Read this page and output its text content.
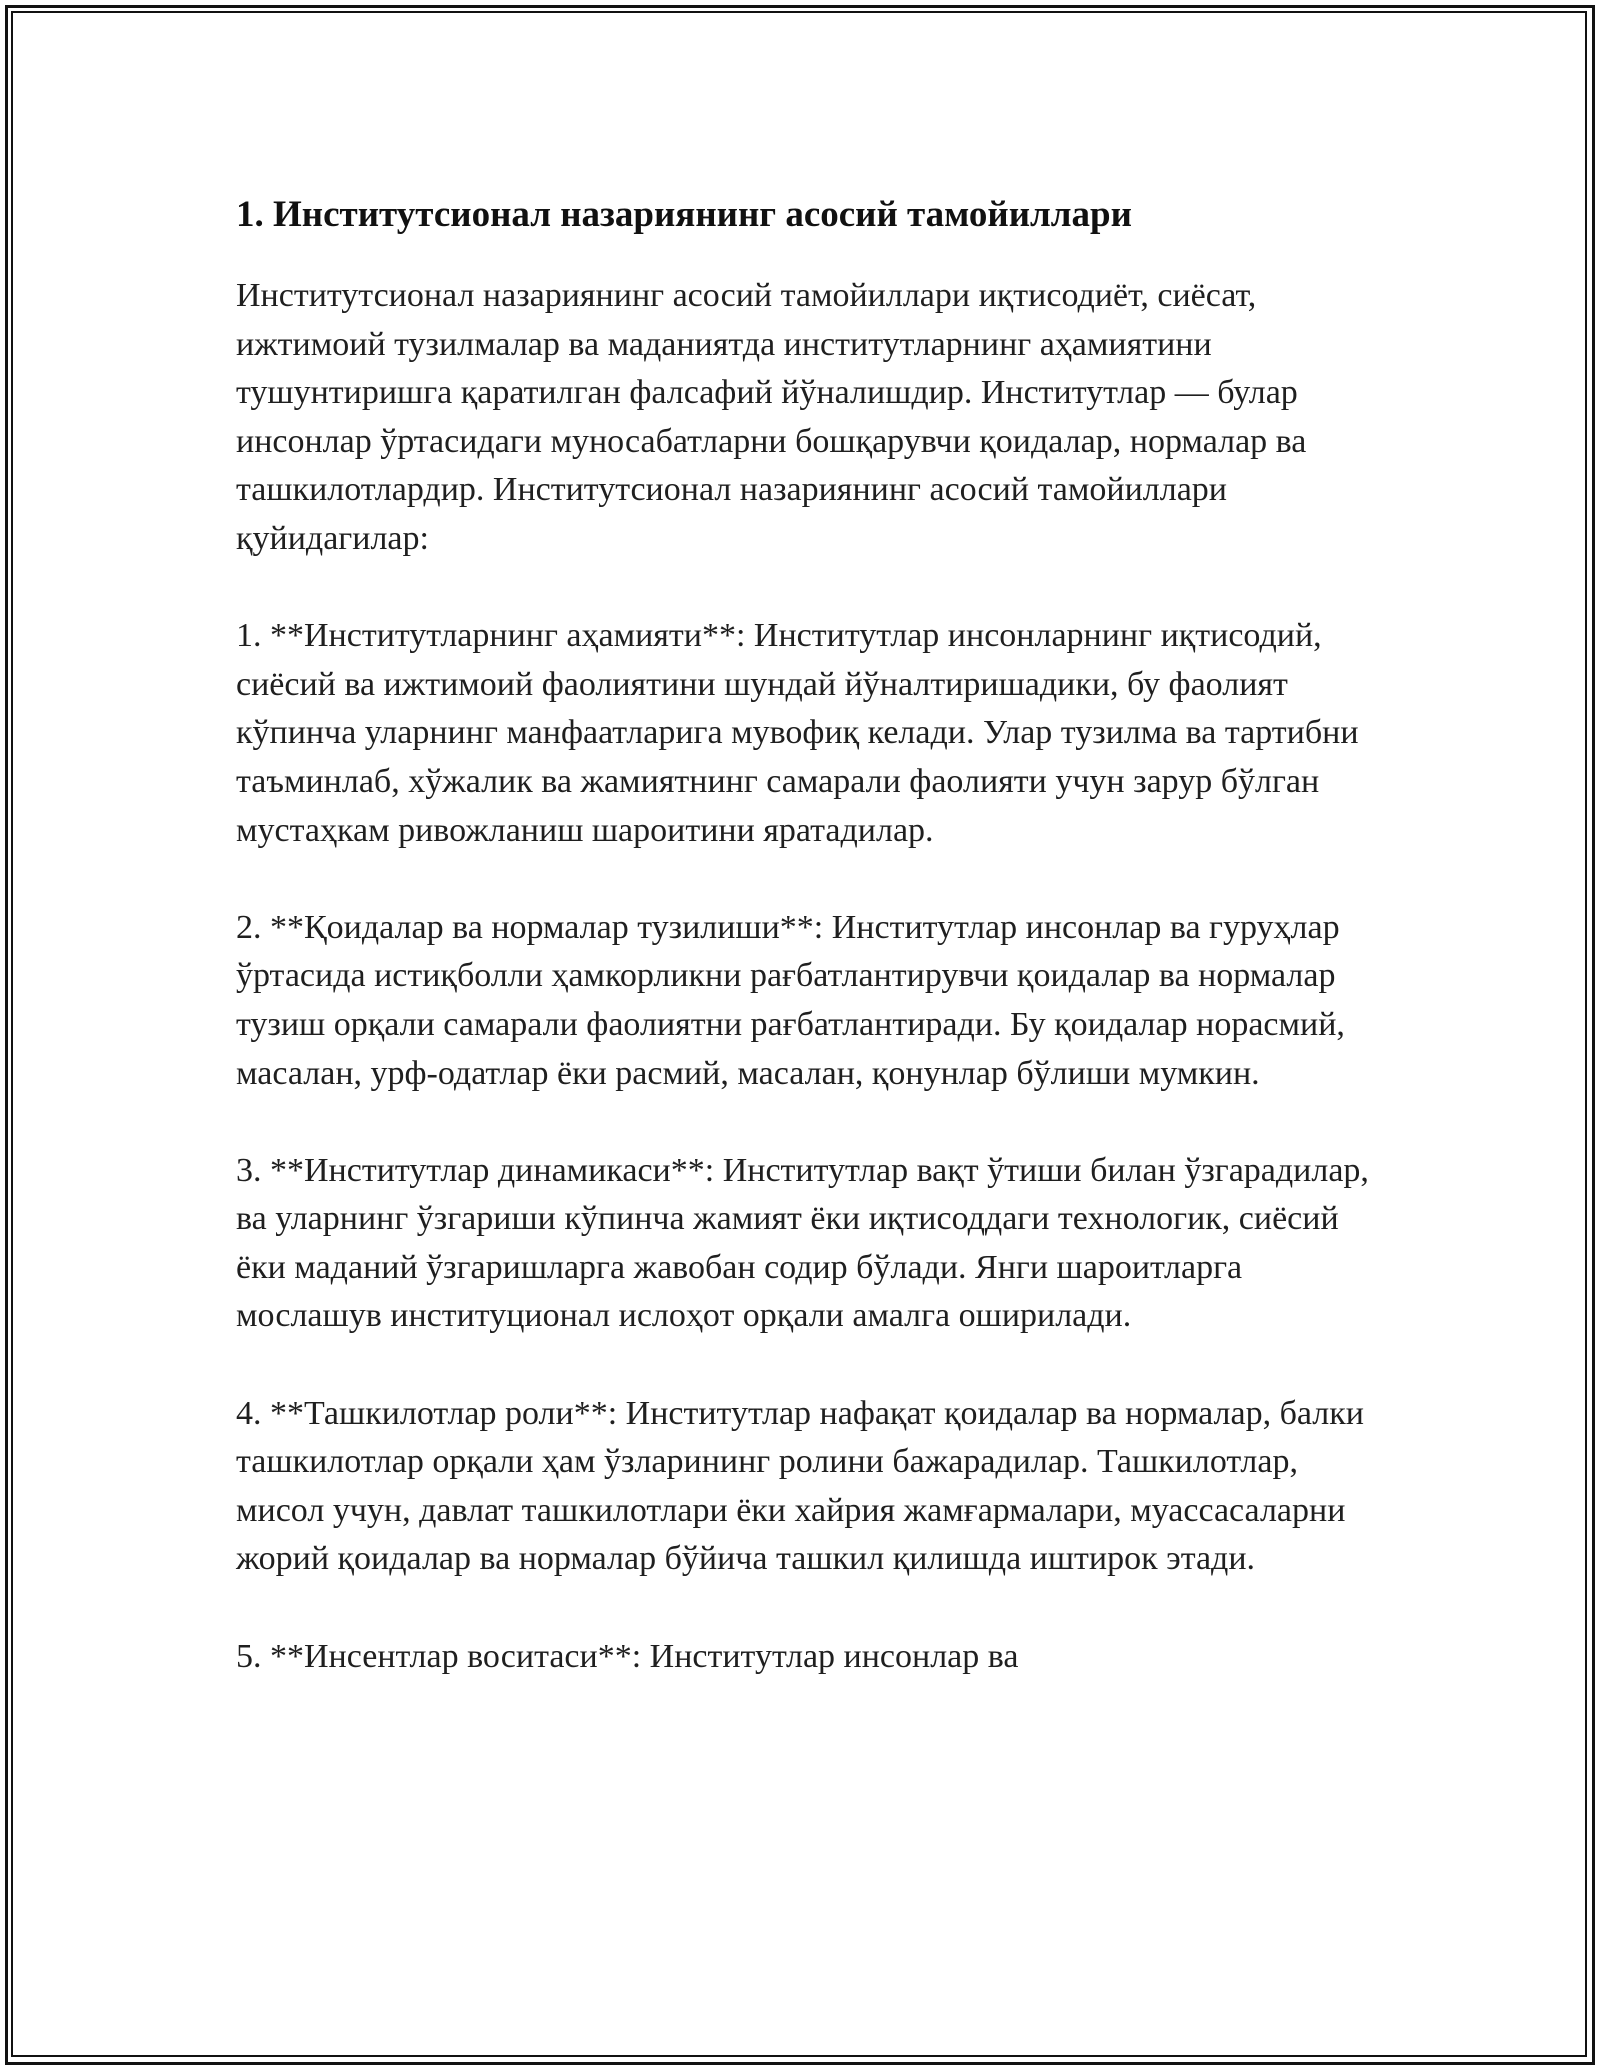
1. Институтсионал назариянинг асосий тамойиллари

Институтсионал назариянинг асосий тамойиллари иқтисодиёт, сиёсат, ижтимоий тузилмалар ва маданиятда институтларнинг аҳамиятини тушунтиришга қаратилган фалсафий йўналишдир. Институтлар — булар инсонлар ўртасидаги муносабатларни бошқарувчи қоидалар, нормалар ва ташкилотлардир. Институтсионал назариянинг асосий тамойиллари қуйидагилар:

1. **Институтларнинг аҳамияти**: Институтлар инсонларнинг иқтисодий, сиёсий ва ижтимоий фаолиятини шундай йўналтиришадики, бу фаолият кўпинча уларнинг манфаатларига мувофиқ келади. Улар тузилма ва тартибни таъминлаб, хўжалик ва жамиятнинг самарали фаолияти учун зарур бўлган мустаҳкам ривожланиш шароитини яратадилар.

2. **Қоидалар ва нормалар тузилиши**: Институтлар инсонлар ва гуруҳлар ўртасида истиқболли ҳамкорликни рағбатлантирувчи қоидалар ва нормалар тузиш орқали самарали фаолиятни рағбатлантиради. Бу қоидалар норасмий, масалан, урф-одатлар ёки расмий, масалан, қонунлар бўлиши мумкин.

3. **Институтлар динамикаси**: Институтлар вақт ўтиши билан ўзгарадилар, ва уларнинг ўзгариши кўпинча жамият ёки иқтисоддаги технологик, сиёсий ёки маданий ўзгаришларга жавобан содир бўлади. Янги шароитларга мослашув институционал ислоҳот орқали амалга оширилади.

4. **Ташкилотлар роли**: Институтлар нафақат қоидалар ва нормалар, балки ташкилотлар орқали ҳам ўзларининг ролини бажарадилар. Ташкилотлар, мисол учун, давлат ташкилотлари ёки хайрия жамғармалари, муассасаларни жорий қоидалар ва нормалар бўйича ташкил қилишда иштирок этади.

5. **Инсентлар воситаси**: Институтлар инсонлар ва
